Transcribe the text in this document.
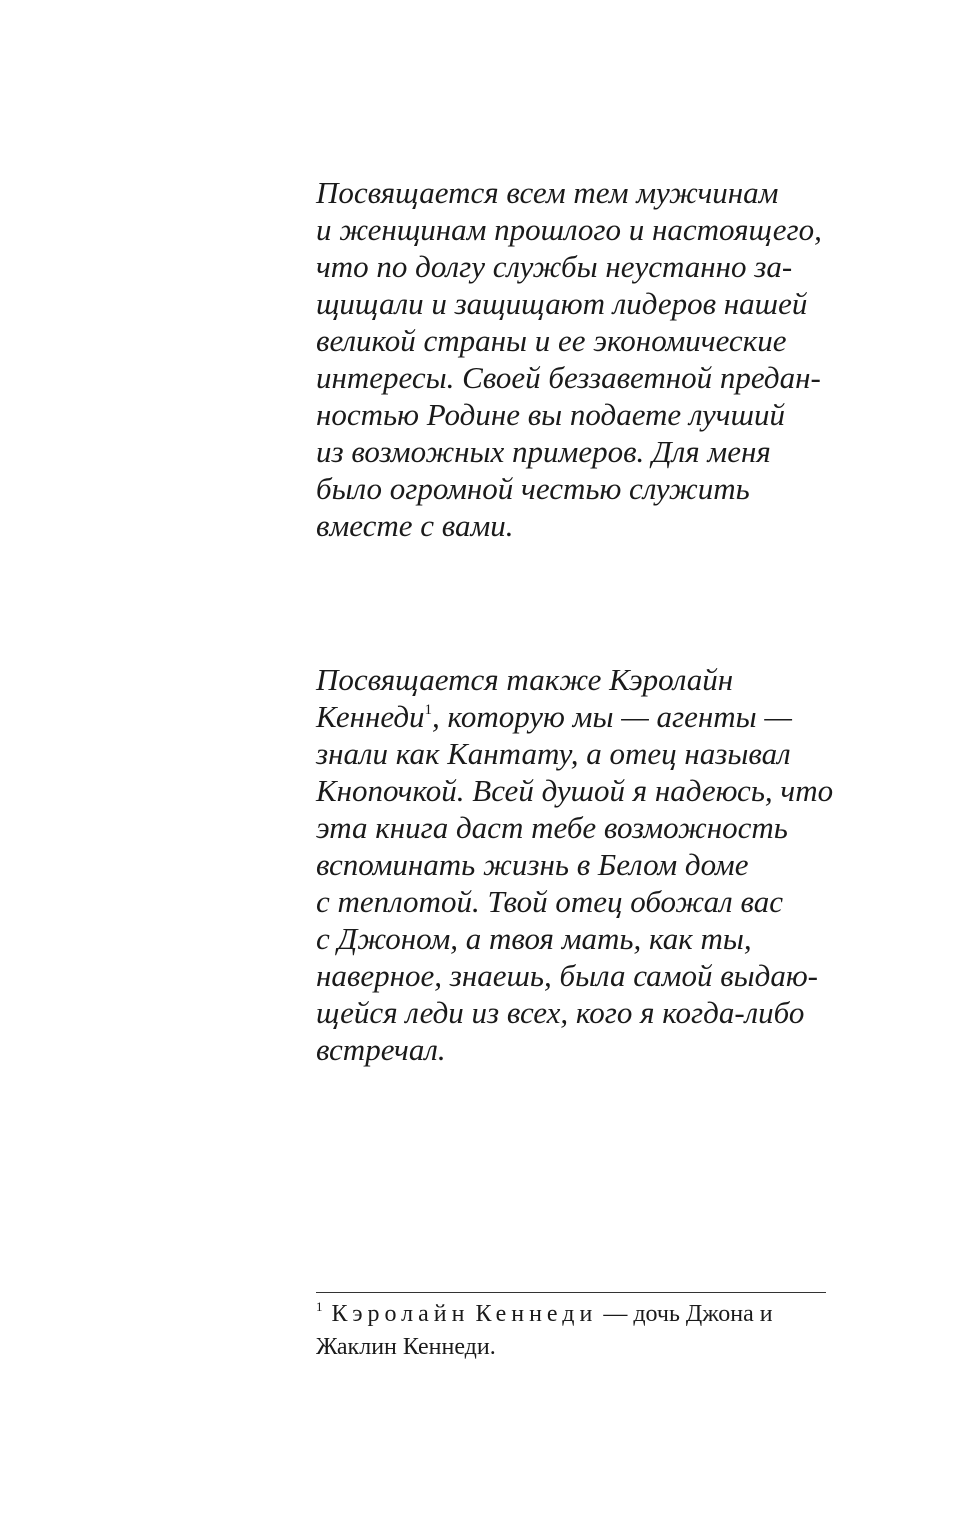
Посвящается всем тем мужчинам
и женщинам прошлого и настоящего,
что по долгу службы неустанно за-
щищали и защищают лидеров нашей
великой страны и ее экономические
интересы. Своей беззаветной предан-
ностью Родине вы подаете лучший
из возможных примеров. Для меня
было огромной честью служить
вместе с вами.
Посвящается также Кэролайн
Кеннеди$^1$, которую мы — агенты —
знали как Кантату, а отец называл
Кнопочкой. Всей душой я надеюсь, что
эта книга даст тебе возможность
вспоминать жизнь в Белом доме
с теплотой. Твой отец обожал вас
с Джоном, а твоя мать, как ты,
наверное, знаешь, была самой выдаю-
щейся леди из всех, кого я когда-либо
встречал.
$^1$ Кэролайн Кеннеди — дочь Джона и
Жаклин Кеннеди.
